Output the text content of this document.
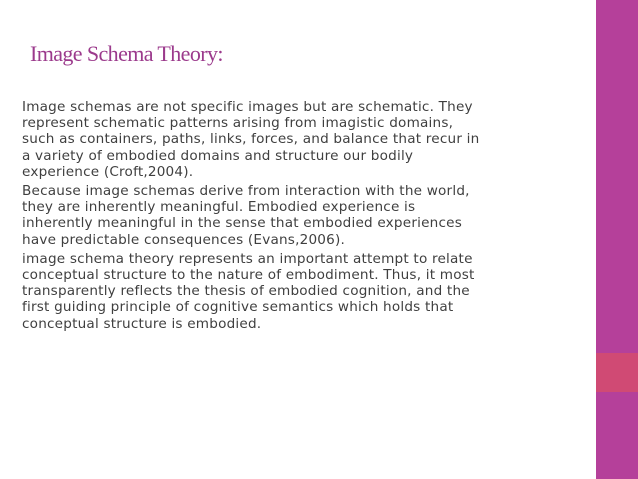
Image Schema Theory:

Image schemas are not specific images but are schematic. They represent schematic patterns arising from imagistic domains, such as containers, paths, links, forces, and balance that recur in a variety of embodied domains and structure our bodily experience (Croft,2004).

Because image schemas derive from interaction with the world, they are inherently meaningful. Embodied experience is inherently meaningful in the sense that embodied experiences have predictable consequences (Evans,2006).

image schema theory represents an important attempt to relate conceptual structure to the nature of embodiment. Thus, it most transparently reflects the thesis of embodied cognition, and the first guiding principle of cognitive semantics which holds that conceptual structure is embodied.
